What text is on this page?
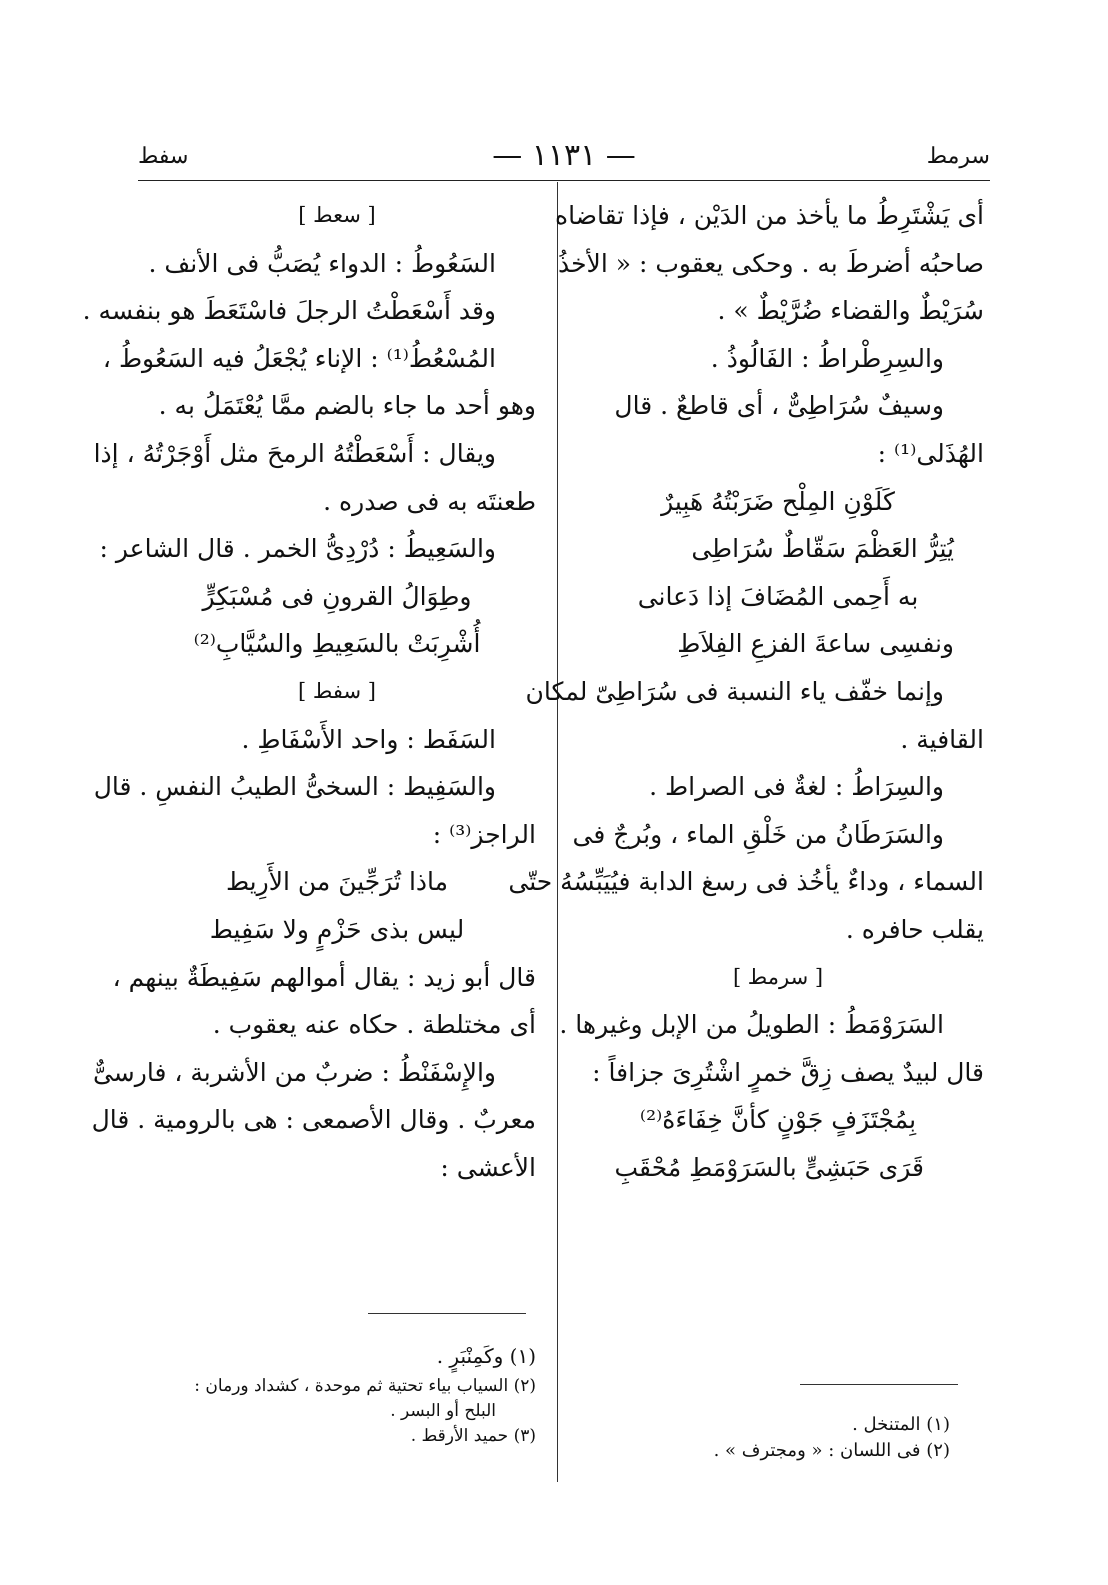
سرمط
— ١١٣١ —
سفط
أى يَشْتَرِطُ ما يأخذ من الدَيْن ، فإذا تقاضاه
صاحبُه أضرطَ به . وحكى يعقوب : « الأخذُ
سُرَيْطٌ والقضاء ضُرَّيْطٌ » .
والسِرِطْراطُ : الفَالُوذُ .
وسيفٌ سُرَاطِىٌّ ، أى قاطعٌ . قال
الهُذَلى⁽¹⁾ :
كَلَوْنِ المِلْح ضَرَبْتُهُ هَبِيرٌ
يُتِرُّ العَظْمَ سَقّاطٌ سُرَاطِى
به أَحِمى المُضَافَ إذا دَعانى
ونفسِى ساعةَ الفزعِ الفِلاَطِ
وإنما خفّف ياء النسبة فى سُرَاطِىّ لمكان
القافية .
والسِرَاطُ : لغةٌ فى الصراط .
والسَرَطَانُ من خَلْقِ الماء ، وبُرجٌ فى
السماء ، وداءٌ يأخُذ فى رسغ الدابة فيُيَبِّسُهُ حتّى
يقلب حافره .
[ سرمط ]
السَرَوْمَطُ : الطويلُ من الإبل وغيرها .
قال لبيدٌ يصف زِقَّ خمرٍ اشْتُرِىَ جزافاً :
بِمُجْتَزَفٍ جَوْنٍ كأنَّ خِفَاءَهُ⁽²⁾
قَرَى حَبَشِىٍّ بالسَرَوْمَطِ مُحْقَبِ
(١) المتنخل .
(٢) فى اللسان : « ومجترف » .
[ سعط ]
السَعُوطُ : الدواء يُصَبُّ فى الأنف .
وقد أَسْعَطْتُ الرجلَ فاسْتَعَطَ هو بنفسه .
المُسْعُطُ⁽¹⁾ : الإناء يُجْعَلُ فيه السَعُوطُ ،
وهو أحد ما جاء بالضم ممَّا يُعْتَمَلُ به .
ويقال : أَسْعَطْتُهُ الرمحَ مثل أَوْجَرْتُهُ ، إذا
طعنتَه به فى صدره .
والسَعِيطُ : دُرْدِىُّ الخمر . قال الشاعر :
وطِوَالُ القرونِ فى مُسْبَكِرٍّ
أُشْرِبَتْ بالسَعِيطِ والسُيَّابِ⁽²⁾
[ سفط ]
السَفَط : واحد الأَسْفَاطِ .
والسَفِيط : السخىُّ الطيبُ النفسِ . قال
الراجز⁽³⁾ :
ماذا تُرَجِّينَ من الأَرِيط
ليس بذى حَزْمٍ ولا سَفِيط
قال أبو زيد : يقال أموالهم سَفِيطَةٌ بينهم ،
أى مختلطة . حكاه عنه يعقوب .
والإِسْفَنْطُ : ضربٌ من الأشربة ، فارسىٌّ
معربٌ . وقال الأصمعى : هى بالرومية . قال
الأعشى :
(١) وكَمِنْبَرٍ .
(٢) السياب بياء تحتية ثم موحدة ، كشداد ورمان :
البلح أو البسر .
(٣) حميد الأرقط .
